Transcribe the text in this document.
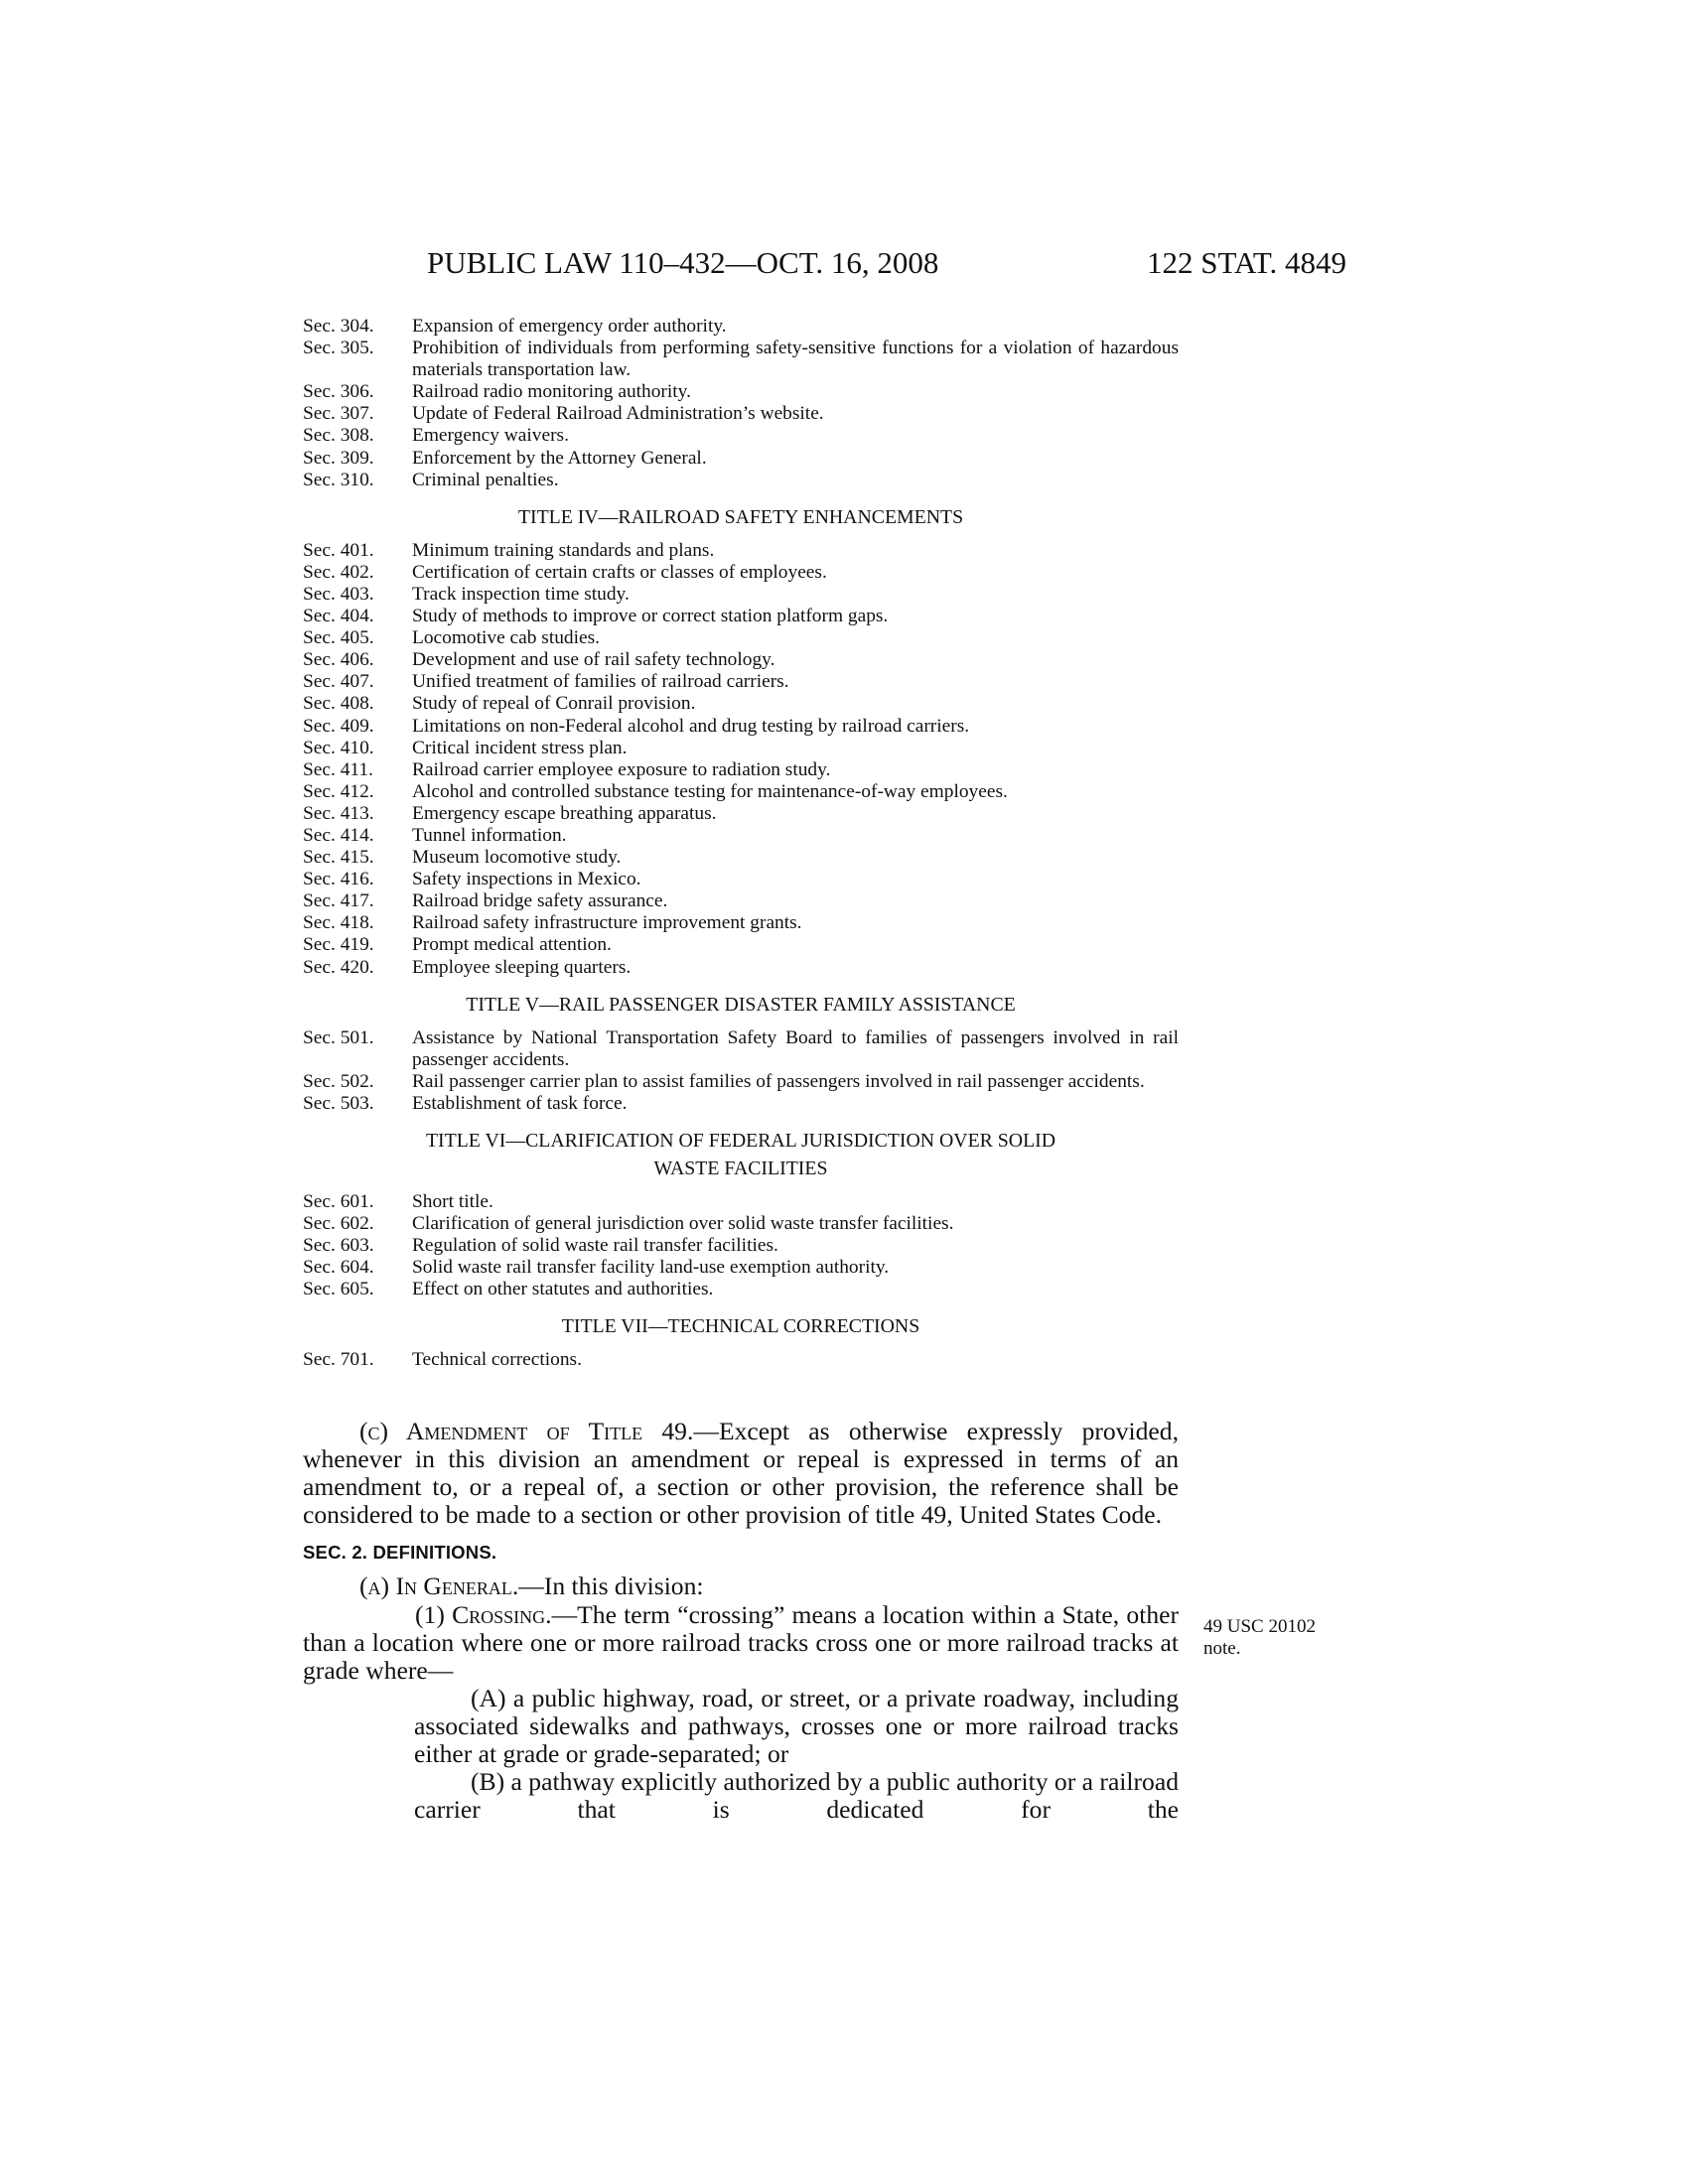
PUBLIC LAW 110–432—OCT. 16, 2008	122 STAT. 4849
Sec. 304.	Expansion of emergency order authority.
Sec. 305.	Prohibition of individuals from performing safety-sensitive functions for a violation of hazardous materials transportation law.
Sec. 306.	Railroad radio monitoring authority.
Sec. 307.	Update of Federal Railroad Administration’s website.
Sec. 308.	Emergency waivers.
Sec. 309.	Enforcement by the Attorney General.
Sec. 310.	Criminal penalties.
TITLE IV—RAILROAD SAFETY ENHANCEMENTS
Sec. 401.	Minimum training standards and plans.
Sec. 402.	Certification of certain crafts or classes of employees.
Sec. 403.	Track inspection time study.
Sec. 404.	Study of methods to improve or correct station platform gaps.
Sec. 405.	Locomotive cab studies.
Sec. 406.	Development and use of rail safety technology.
Sec. 407.	Unified treatment of families of railroad carriers.
Sec. 408.	Study of repeal of Conrail provision.
Sec. 409.	Limitations on non-Federal alcohol and drug testing by railroad carriers.
Sec. 410.	Critical incident stress plan.
Sec. 411.	Railroad carrier employee exposure to radiation study.
Sec. 412.	Alcohol and controlled substance testing for maintenance-of-way employees.
Sec. 413.	Emergency escape breathing apparatus.
Sec. 414.	Tunnel information.
Sec. 415.	Museum locomotive study.
Sec. 416.	Safety inspections in Mexico.
Sec. 417.	Railroad bridge safety assurance.
Sec. 418.	Railroad safety infrastructure improvement grants.
Sec. 419.	Prompt medical attention.
Sec. 420.	Employee sleeping quarters.
TITLE V—RAIL PASSENGER DISASTER FAMILY ASSISTANCE
Sec. 501.	Assistance by National Transportation Safety Board to families of passengers involved in rail passenger accidents.
Sec. 502.	Rail passenger carrier plan to assist families of passengers involved in rail passenger accidents.
Sec. 503.	Establishment of task force.
TITLE VI—CLARIFICATION OF FEDERAL JURISDICTION OVER SOLID
WASTE FACILITIES
Sec. 601.	Short title.
Sec. 602.	Clarification of general jurisdiction over solid waste transfer facilities.
Sec. 603.	Regulation of solid waste rail transfer facilities.
Sec. 604.	Solid waste rail transfer facility land-use exemption authority.
Sec. 605.	Effect on other statutes and authorities.
TITLE VII—TECHNICAL CORRECTIONS
Sec. 701.	Technical corrections.
(c) Amendment of Title 49.—Except as otherwise expressly provided, whenever in this division an amendment or repeal is expressed in terms of an amendment to, or a repeal of, a section or other provision, the reference shall be considered to be made to a section or other provision of title 49, United States Code.
SEC. 2. DEFINITIONS.
(a) In General.—In this division:
(1) Crossing.—The term “crossing” means a location within a State, other than a location where one or more railroad tracks cross one or more railroad tracks at grade where—
(A) a public highway, road, or street, or a private roadway, including associated sidewalks and pathways, crosses one or more railroad tracks either at grade or grade-separated; or
(B) a pathway explicitly authorized by a public authority or a railroad carrier that is dedicated for the
49 USC 20102
note.
